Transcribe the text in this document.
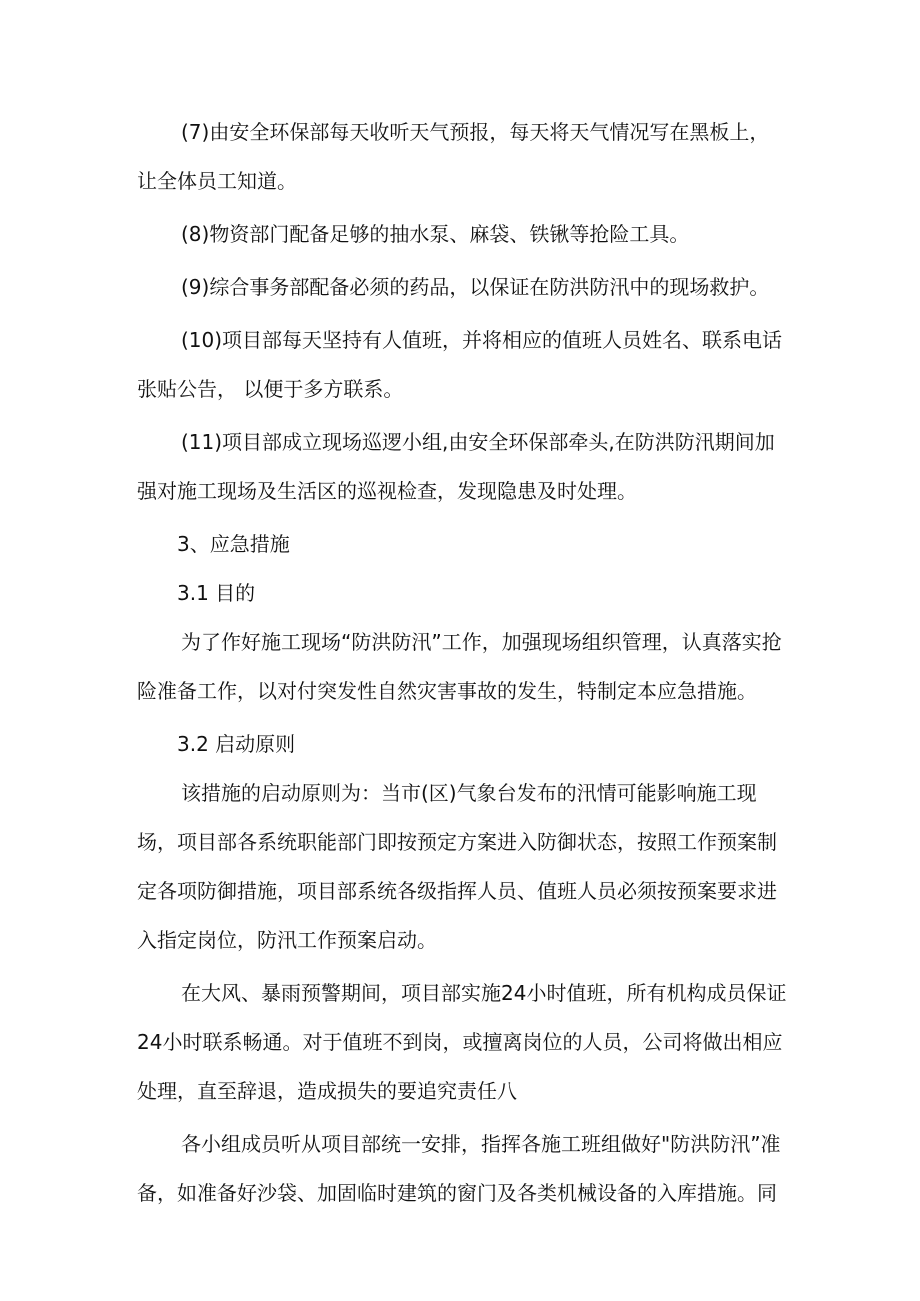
(7)由安全环保部每天收听天气预报，每天将天气情况写在黑板上，让全体员工知道。

(8)物资部门配备足够的抽水泵、麻袋、铁锹等抢险工具。

(9)综合事务部配备必须的药品，以保证在防洪防汛中的现场救护。

(10)项目部每天坚持有人值班，并将相应的值班人员姓名、联系电话张贴公告， 以便于多方联系。

(11)项目部成立现场巡逻小组,由安全环保部牵头,在防洪防汛期间加强对施工现场及生活区的巡视检查，发现隐患及时处理。

3、应急措施

3.1 目的

为了作好施工现场“防洪防汛”工作，加强现场组织管理，认真落实抢险准备工作，以对付突发性自然灾害事故的发生，特制定本应急措施。

3.2 启动原则

该措施的启动原则为：当市(区)气象台发布的汛情可能影响施工现场，项目部各系统职能部门即按预定方案进入防御状态，按照工作预案制定各项防御措施，项目部系统各级指挥人员、值班人员必须按预案要求进入指定岗位，防汛工作预案启动。

在大风、暴雨预警期间，项目部实施24小时值班，所有机构成员保证24小时联系畅通。对于值班不到岗，或擅离岗位的人员，公司将做出相应处理，直至辞退，造成损失的要追究责任八

各小组成员听从项目部统一安排，指挥各施工班组做好"防洪防汛”准备，如准备好沙袋、加固临时建筑的窗门及各类机械设备的入库措施。同
